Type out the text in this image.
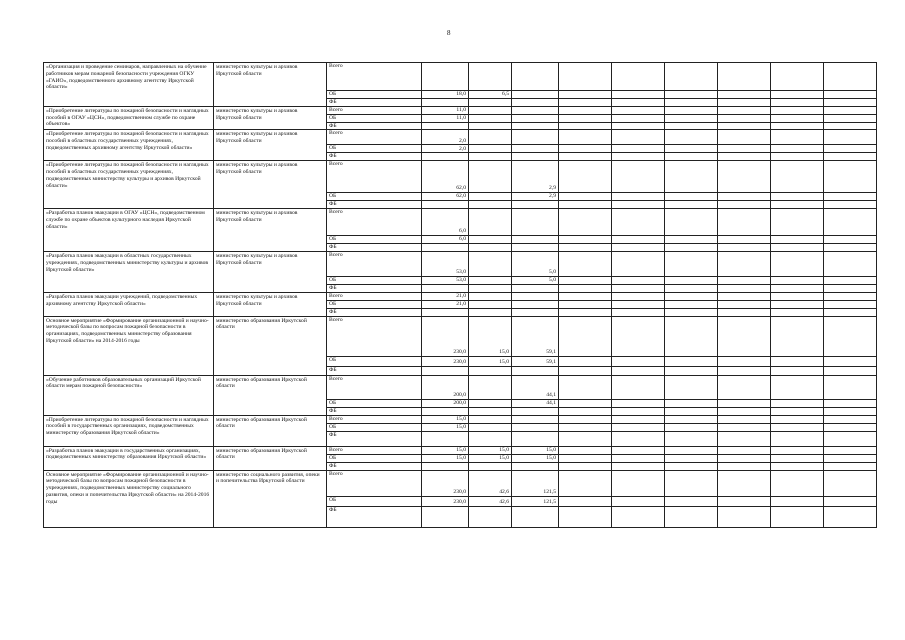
8
«Организация и проведение семинаров, направленных на обучение работников мерам пожарной безопасности учреждения ОГКУ «ГАИО», подведомственного архивному агентству Иркутской области»	министерство культуры и архивов Иркутской области	Всего									
		ОБ	18,0	6,5							
		ФБ									
«Приобретение литературы по пожарной безопасности и наглядных пособий в ОГАУ «ЦСН», подведомственном службе по охране объектов»	министерство культуры и архивов Иркутской области	Всего	11,0								
		ОБ	11,0								
		ФБ									
«Приобретение литературы по пожарной безопасности и наглядных пособий в областных государственных учреждениях, подведомственных архивному агентству Иркутской области»	министерство культуры и архивов Иркутской области	Всего	2,0								
		ОБ	2,0								
		ФБ									
«Приобретение литературы по пожарной безопасности и наглядных пособий в областных государственных учреждениях, подведомственных министерству культуры и архивов Иркутской области»	министерство культуры и архивов Иркутской области	Всего	62,0		2,9						
		ОБ	62,0		2,9						
		ФБ									
«Разработка планов эвакуации в ОГАУ «ЦСН», подведомственном службе по охране объектов культурного наследия Иркутской области»	министерство культуры и архивов Иркутской области	Всего	6,0								
		ОБ	6,0								
		ФБ									
«Разработка планов эвакуации в областных государственных учреждениях, подведомственных министерству культуры и архивов Иркутской области»	министерство культуры и архивов Иркутской области	Всего	53,0		5,0						
		ОБ	53,0		5,0						
		ФБ									
«Разработка планов эвакуации учреждений, подведомственных архивному агентству Иркутской области»	министерство культуры и архивов Иркутской области	Всего	21,0								
		ОБ	21,0								
		ФБ									
Основное мероприятие «Формирование организационной и научно-методической базы по вопросам пожарной безопасности в организациях, подведомственных министерству образования Иркутской области» на 2014-2016 годы	министерство образования Иркутской области	Всего	230,0	15,0	59,1						
		ОБ	230,0	15,0	59,1						
		ФБ									
«Обучение работников образовательных организаций Иркутской области мерам пожарной безопасности»	министерство образования Иркутской области	Всего	200,0		44,1						
		ОБ	200,0		44,1						
		ФБ									
«Приобретение литературы по пожарной безопасности и наглядных пособий в государственных организациях, подведомственных министерству образования Иркутской области»	министерство образования Иркутской области	Всего	15,0								
		ОБ	15,0								
		ФБ									
«Разработка планов эвакуации в государственных организациях, подведомственных министерству образования Иркутской области»	министерство образования Иркутской области	Всего	15,0	15,0	15,0						
		ОБ	15,0	15,0	15,0						
		ФБ									
Основное мероприятие «Формирование организационной и научно-методической базы по вопросам пожарной безопасности в учреждениях, подведомственных министерству социального развития, опеки и попечительства Иркутской области» на 2014-2016 годы	министерство социального развития, опеки и попечительства Иркутской области	Всего	230,0	42,6	121,5						
		ОБ	230,0	42,6	121,5						
		ФБ									
